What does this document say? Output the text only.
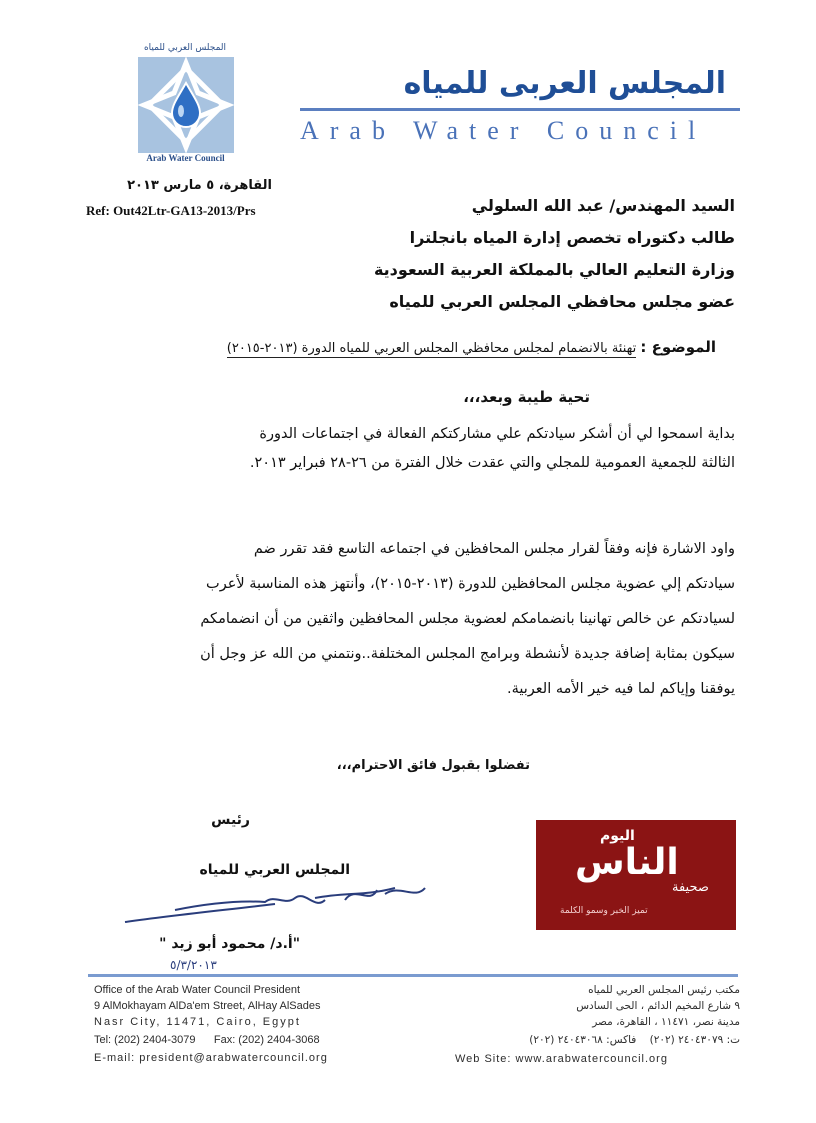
المجلس العربي للمياه
Arab Water Council
المجلس العربى للمياه
Arab Water Council
القاهرة، ٥ مارس ٢٠١٣
Ref: Out42Ltr-GA13-2013/Prs	السيد المهندس/ عبد الله السلولي
طالب دكتوراه تخصص إدارة المياه بانجلترا
وزارة التعليم العالي بالمملكة العربية السعودية
عضو مجلس محافظي المجلس العربي للمياه
الموضوع : تهنئة بالانضمام لمجلس محافظي المجلس العربي للمياه الدورة (٢٠١٣-٢٠١٥)
تحية طيبة وبعد،،،
بداية اسمحوا لي أن أشكر سيادتكم علي مشاركتكم الفعالة في اجتماعات الدورة
الثالثة للجمعية العمومية للمجلي والتي عقدت خلال الفترة من ٢٦-٢٨ فبراير ٢٠١٣.
واود الاشارة فإنه وفقاً لقرار مجلس المحافظين في اجتماعه التاسع فقد تقرر ضم
سيادتكم إلي عضوية مجلس المحافظين للدورة (٢٠١٣-٢٠١٥)، وأنتهز هذه المناسبة لأعرب
لسيادتكم عن خالص تهانينا بانضمامكم لعضوية مجلس المحافظين واثقين من أن انضمامكم
سيكون بمثابة إضافة جديدة لأنشطة وبرامج المجلس المختلفة..ونتمني من الله عز وجل أن
يوفقنا وإياكم لما فيه خير الأمه العربية.
تفضلوا بقبول فائق الاحترام،،،
رئيس
المجلس العربي للمياه
"أ.د/ محمود أبو زيد "
٥/٣/٢٠١٣
اليوم
الناس
صحيفة
تميز الخبر وسمو الكلمة
Office of the Arab Water Council President
9 AlMokhayam AlDa'em Street, AlHay AlSades
Nasr City, 11471, Cairo, Egypt
Tel: (202) 2404-3079      Fax: (202) 2404-3068
E-mail: president@arabwatercouncil.org
مكتب رئيس المجلس العربي للمياه
٩ شارع المخيم الدائم ، الحى السادس
مدينة نصر، ١١٤٧١ ، القاهرة، مصر
ت: ٢٤٠٤٣٠٧٩ (٢٠٢)    فاكس: ٢٤٠٤٣٠٦٨ (٢٠٢)
Web Site: www.arabwatercouncil.org
